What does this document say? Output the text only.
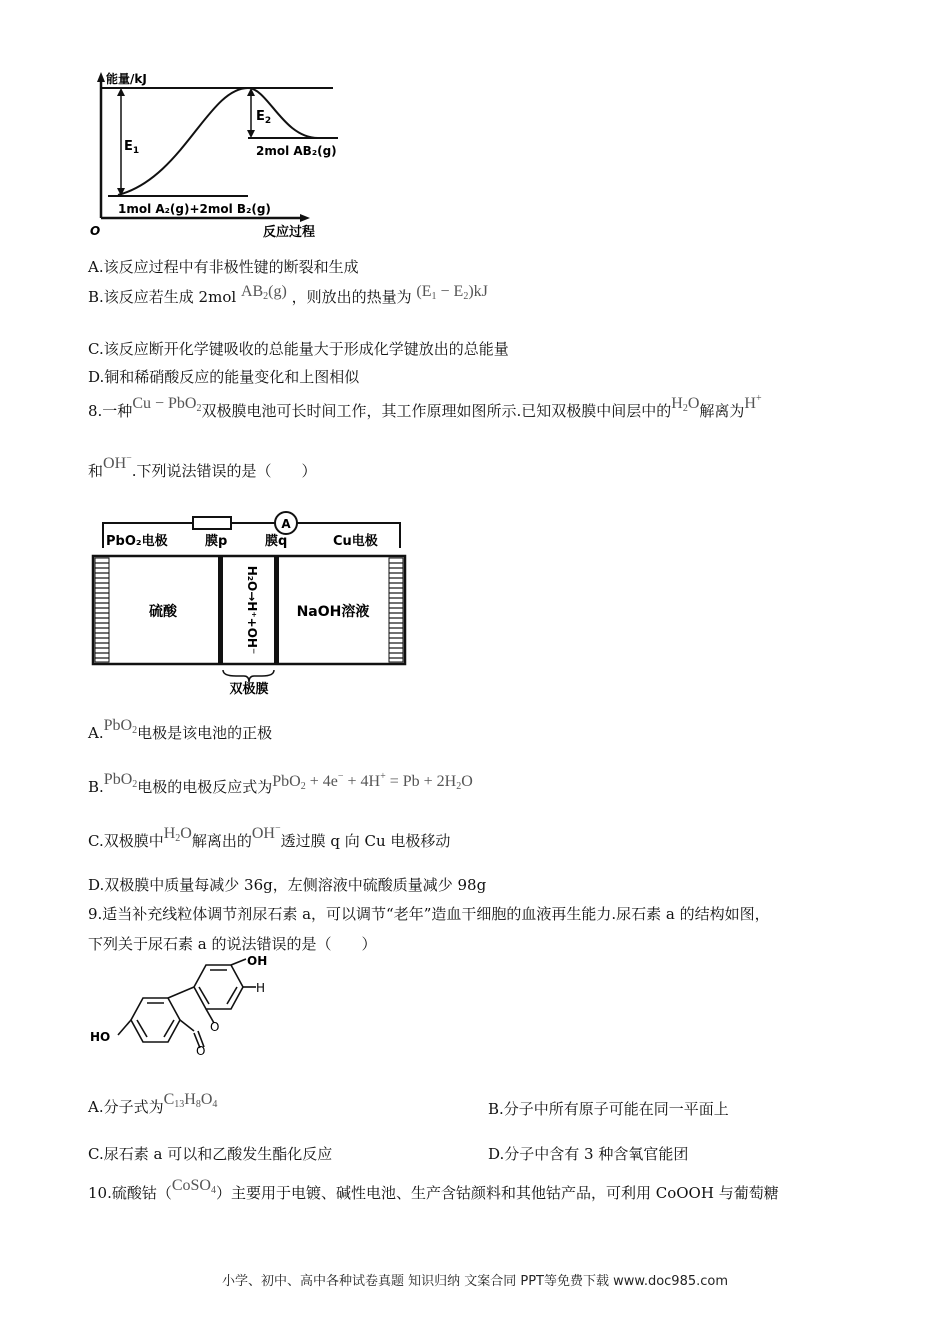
能量/kJ
$E_1$
$E_2$
2mol AB₂(g)
1mol A₂(g)+2mol B₂(g)
O	反应过程
A.该反应过程中有非极性键的断裂和生成
B.该反应若生成 2mol $AB_2(g)$ ，则放出的热量为 $(E_1 - E_2)kJ$
C.该反应断开化学键吸收的总能量大于形成化学键放出的总能量
D.铜和稀硝酸反应的能量变化和上图相似
8.一种Cu − PbO$_2$双极膜电池可长时间工作，其工作原理如图所示.已知双极膜中间层中的$H_2O$解离为H+
和OH−.下列说法错误的是（　　）
A
PbO₂电极	膜p	膜q	Cu电极
硫酸	NaOH溶液
H₂O→H⁺+OH⁻
双极膜
A.PbO$_2$电极是该电池的正极
B.PbO$_2$电极的电极反应式为$PbO_2 + 4e^- + 4H^+ = Pb + 2H_2O$
C.双极膜中$H_2O$解离出的OH−透过膜 q 向 Cu 电极移动
D.双极膜中质量每减少 36g，左侧溶液中硫酸质量减少 98g
9.适当补充线粒体调节剂尿石素 a，可以调节“老年”造血干细胞的血液再生能力.尿石素 a 的结构如图，
下列关于尿石素 a 的说法错误的是（　　）
OH
O
O
HO
H
A.分子式为$C_{13}H_8O_4$	B.分子中所有原子可能在同一平面上
C.尿石素 a 可以和乙酸发生酯化反应	D.分子中含有 3 种含氧官能团
10.硫酸钴（CoSO$_4$）主要用于电镀、碱性电池、生产含钴颜料和其他钴产品，可利用 CoOOH 与葡萄糖
小学、初中、高中各种试卷真题 知识归纳 文案合同 PPT等免费下载 www.doc985.com
